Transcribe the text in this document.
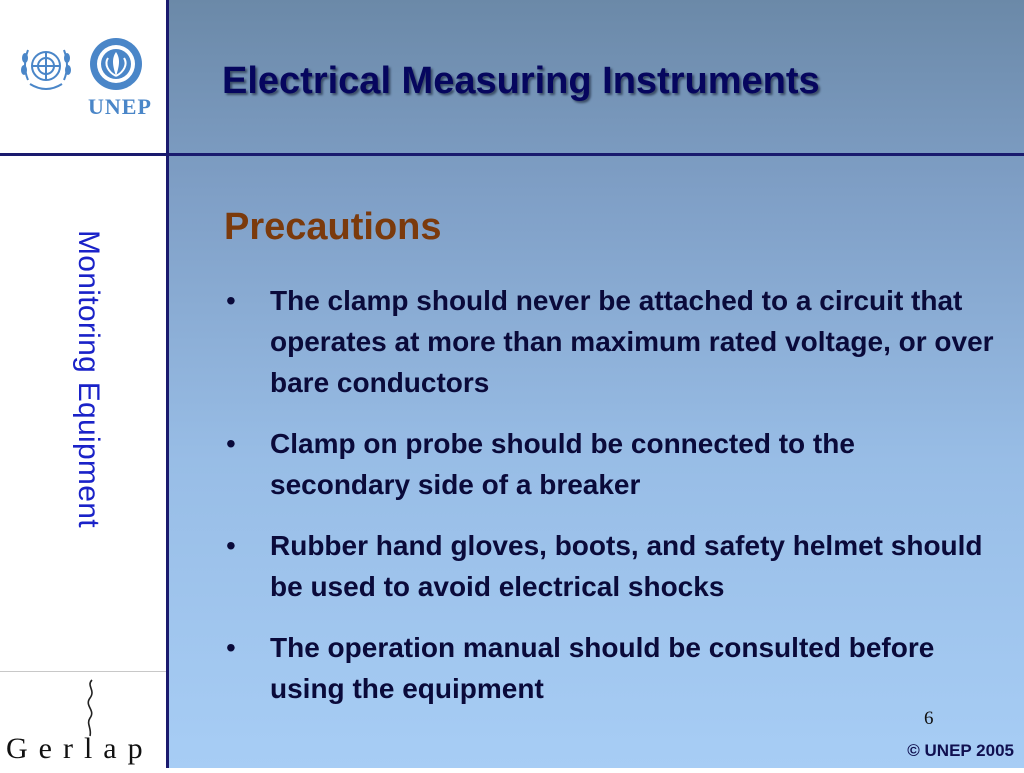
UNEP
Monitoring Equipment
Gerlap
Electrical Measuring Instruments
Precautions
• The clamp should never be attached to a circuit that operates at more than maximum rated voltage, or over bare conductors
• Clamp on probe should be connected to the secondary side of a breaker
• Rubber hand gloves, boots, and safety helmet should be used to avoid electrical shocks
• The operation manual should be consulted before using the equipment
6
© UNEP 2005
